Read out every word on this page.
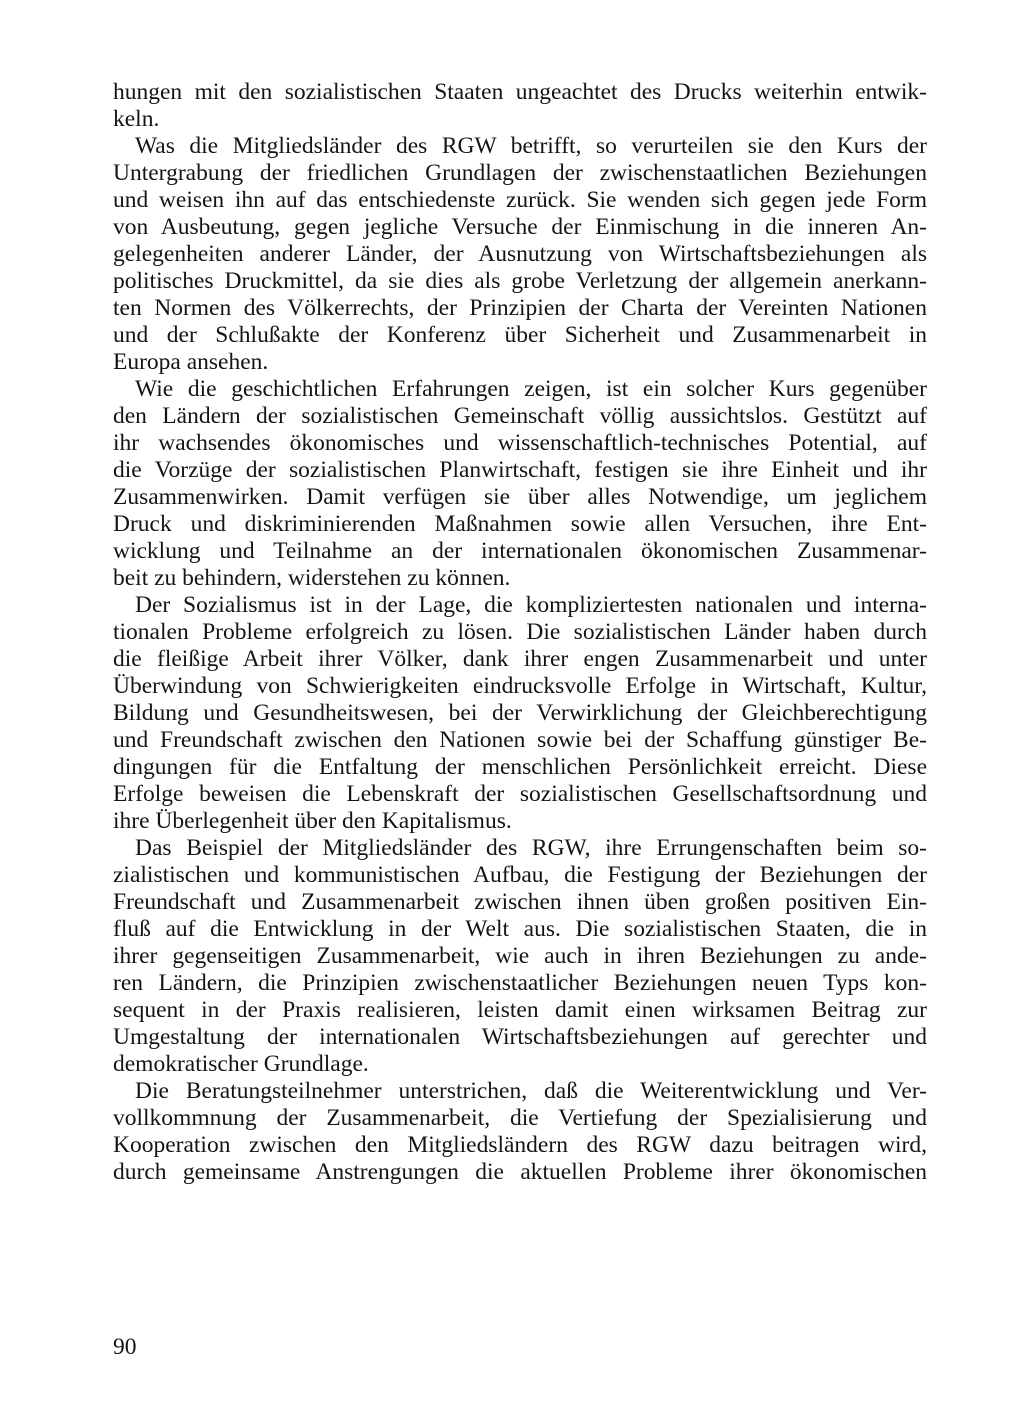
hungen mit den sozialistischen Staaten ungeachtet des Drucks weiterhin entwik-
keln.
Was die Mitgliedsländer des RGW betrifft, so verurteilen sie den Kurs der
Untergrabung der friedlichen Grundlagen der zwischenstaatlichen Beziehungen
und weisen ihn auf das entschiedenste zurück. Sie wenden sich gegen jede Form
von Ausbeutung, gegen jegliche Versuche der Einmischung in die inneren An-
gelegenheiten anderer Länder, der Ausnutzung von Wirtschaftsbeziehungen als
politisches Druckmittel, da sie dies als grobe Verletzung der allgemein anerkann-
ten Normen des Völkerrechts, der Prinzipien der Charta der Vereinten Nationen
und der Schlußakte der Konferenz über Sicherheit und Zusammenarbeit in
Europa ansehen.
Wie die geschichtlichen Erfahrungen zeigen, ist ein solcher Kurs gegenüber
den Ländern der sozialistischen Gemeinschaft völlig aussichtslos. Gestützt auf
ihr wachsendes ökonomisches und wissenschaftlich-technisches Potential, auf
die Vorzüge der sozialistischen Planwirtschaft, festigen sie ihre Einheit und ihr
Zusammenwirken. Damit verfügen sie über alles Notwendige, um jeglichem
Druck und diskriminierenden Maßnahmen sowie allen Versuchen, ihre Ent-
wicklung und Teilnahme an der internationalen ökonomischen Zusammenar-
beit zu behindern, widerstehen zu können.
Der Sozialismus ist in der Lage, die kompliziertesten nationalen und interna-
tionalen Probleme erfolgreich zu lösen. Die sozialistischen Länder haben durch
die fleißige Arbeit ihrer Völker, dank ihrer engen Zusammenarbeit und unter
Überwindung von Schwierigkeiten eindrucksvolle Erfolge in Wirtschaft, Kultur,
Bildung und Gesundheitswesen, bei der Verwirklichung der Gleichberechtigung
und Freundschaft zwischen den Nationen sowie bei der Schaffung günstiger Be-
dingungen für die Entfaltung der menschlichen Persönlichkeit erreicht. Diese
Erfolge beweisen die Lebenskraft der sozialistischen Gesellschaftsordnung und
ihre Überlegenheit über den Kapitalismus.
Das Beispiel der Mitgliedsländer des RGW, ihre Errungenschaften beim so-
zialistischen und kommunistischen Aufbau, die Festigung der Beziehungen der
Freundschaft und Zusammenarbeit zwischen ihnen üben großen positiven Ein-
fluß auf die Entwicklung in der Welt aus. Die sozialistischen Staaten, die in
ihrer gegenseitigen Zusammenarbeit, wie auch in ihren Beziehungen zu ande-
ren Ländern, die Prinzipien zwischenstaatlicher Beziehungen neuen Typs kon-
sequent in der Praxis realisieren, leisten damit einen wirksamen Beitrag zur
Umgestaltung der internationalen Wirtschaftsbeziehungen auf gerechter und
demokratischer Grundlage.
Die Beratungsteilnehmer unterstrichen, daß die Weiterentwicklung und Ver-
vollkommnung der Zusammenarbeit, die Vertiefung der Spezialisierung und
Kooperation zwischen den Mitgliedsländern des RGW dazu beitragen wird,
durch gemeinsame Anstrengungen die aktuellen Probleme ihrer ökonomischen
90
